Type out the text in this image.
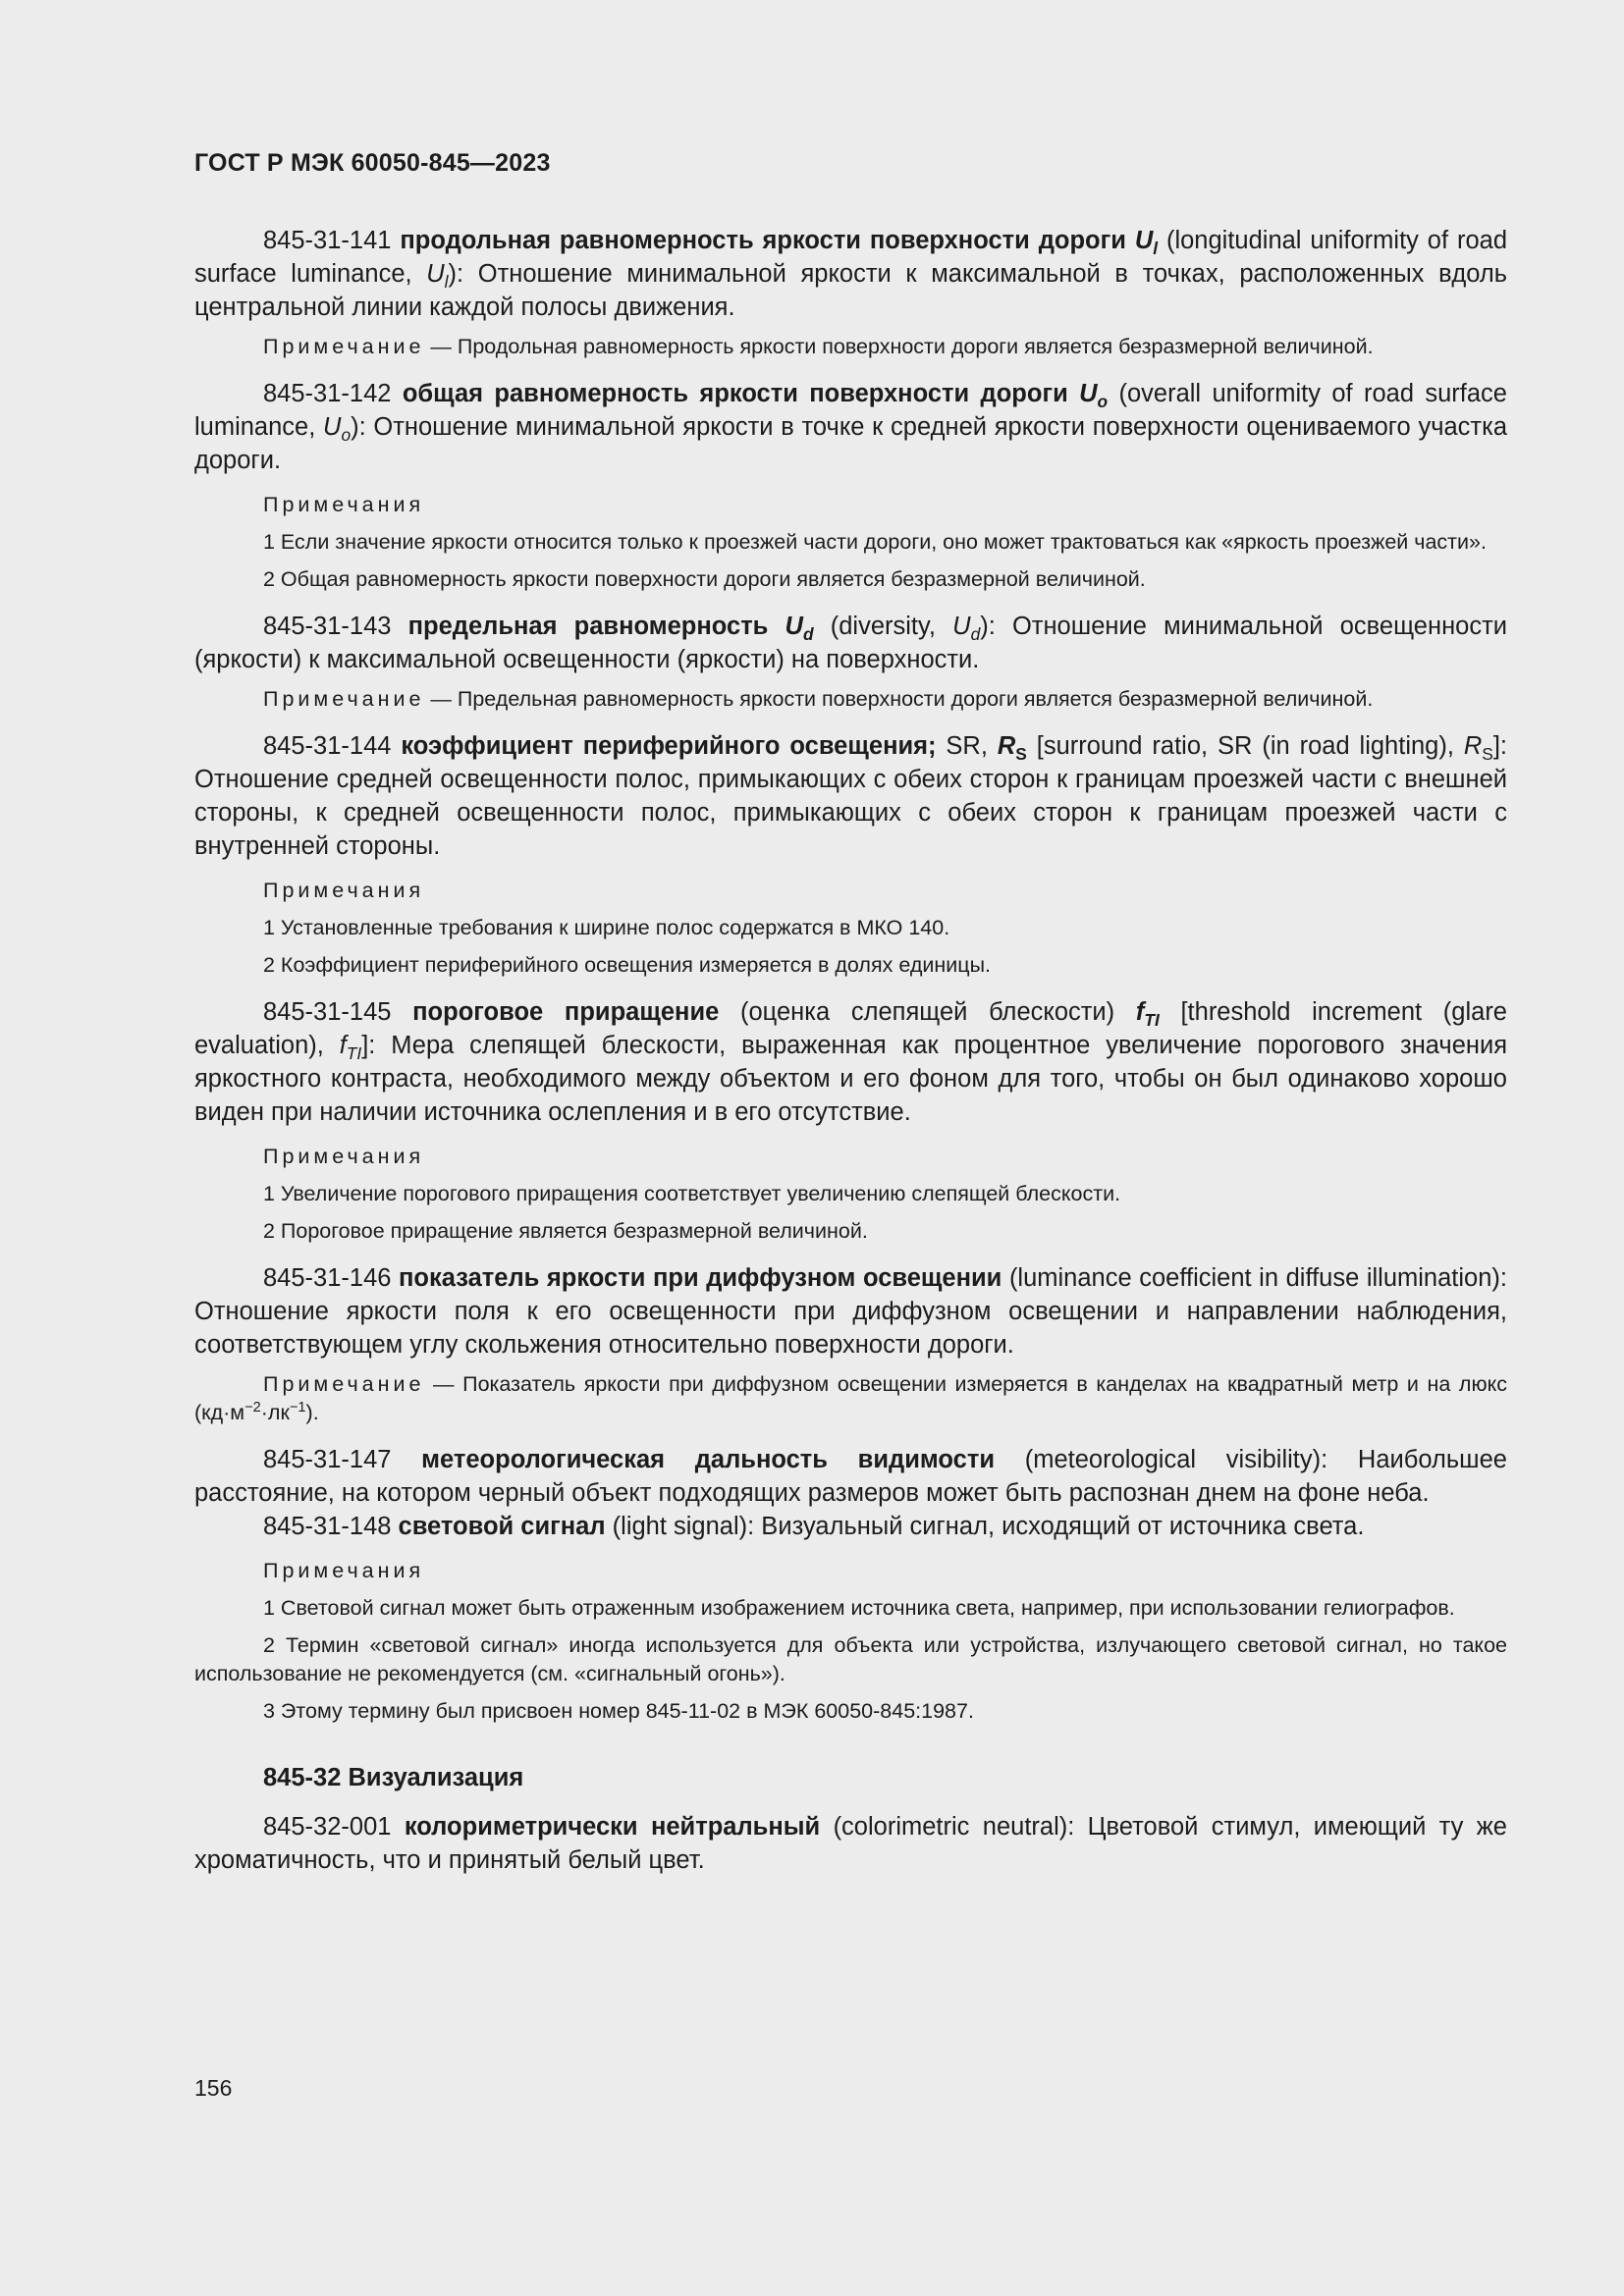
ГОСТ Р МЭК 60050-845—2023

845-31-141 продольная равномерность яркости поверхности дороги $U_l$ (longitudinal uniformity of road surface luminance, $U_l$): Отношение минимальной яркости к максимальной в точках, расположенных вдоль центральной линии каждой полосы движения.

Примечание — Продольная равномерность яркости поверхности дороги является безразмерной величиной.

845-31-142 общая равномерность яркости поверхности дороги $U_o$ (overall uniformity of road surface luminance, $U_o$): Отношение минимальной яркости в точке к средней яркости поверхности оцениваемого участка дороги.

Примечания

1 Если значение яркости относится только к проезжей части дороги, оно может трактоваться как «яркость проезжей части».

2 Общая равномерность яркости поверхности дороги является безразмерной величиной.

845-31-143 предельная равномерность $U_d$ (diversity, $U_d$): Отношение минимальной освещенности (яркости) к максимальной освещенности (яркости) на поверхности.

Примечание — Предельная равномерность яркости поверхности дороги является безразмерной величиной.

845-31-144 коэффициент периферийного освещения; SR, $R_S$ [surround ratio, SR (in road lighting), $R_S$]: Отношение средней освещенности полос, примыкающих с обеих сторон к границам проезжей части с внешней стороны, к средней освещенности полос, примыкающих с обеих сторон к границам проезжей части с внутренней стороны.

Примечания

1 Установленные требования к ширине полос содержатся в МКО 140.

2 Коэффициент периферийного освещения измеряется в долях единицы.

845-31-145 пороговое приращение (оценка слепящей блескости) $f_{TI}$ [threshold increment (glare evaluation), $f_{TI}$]: Мера слепящей блескости, выраженная как процентное увеличение порогового значения яркостного контраста, необходимого между объектом и его фоном для того, чтобы он был одинаково хорошо виден при наличии источника ослепления и в его отсутствие.

Примечания

1 Увеличение порогового приращения соответствует увеличению слепящей блескости.

2 Пороговое приращение является безразмерной величиной.

845-31-146 показатель яркости при диффузном освещении (luminance coefficient in diffuse illumination): Отношение яркости поля к его освещенности при диффузном освещении и направлении наблюдения, соответствующем углу скольжения относительно поверхности дороги.

Примечание — Показатель яркости при диффузном освещении измеряется в канделах на квадратный метр и на люкс $(кд\cdot м^{-2}\cdot лк^{-1})$.

845-31-147 метеорологическая дальность видимости (meteorological visibility): Наибольшее расстояние, на котором черный объект подходящих размеров может быть распознан днем на фоне неба.

845-31-148 световой сигнал (light signal): Визуальный сигнал, исходящий от источника света.

Примечания

1 Световой сигнал может быть отраженным изображением источника света, например, при использовании гелиографов.

2 Термин «световой сигнал» иногда используется для объекта или устройства, излучающего световой сигнал, но такое использование не рекомендуется (см. «сигнальный огонь»).

3 Этому термину был присвоен номер 845-11-02 в МЭК 60050-845:1987.

845-32 Визуализация

845-32-001 колориметрически нейтральный (colorimetric neutral): Цветовой стимул, имеющий ту же хроматичность, что и принятый белый цвет.

156
